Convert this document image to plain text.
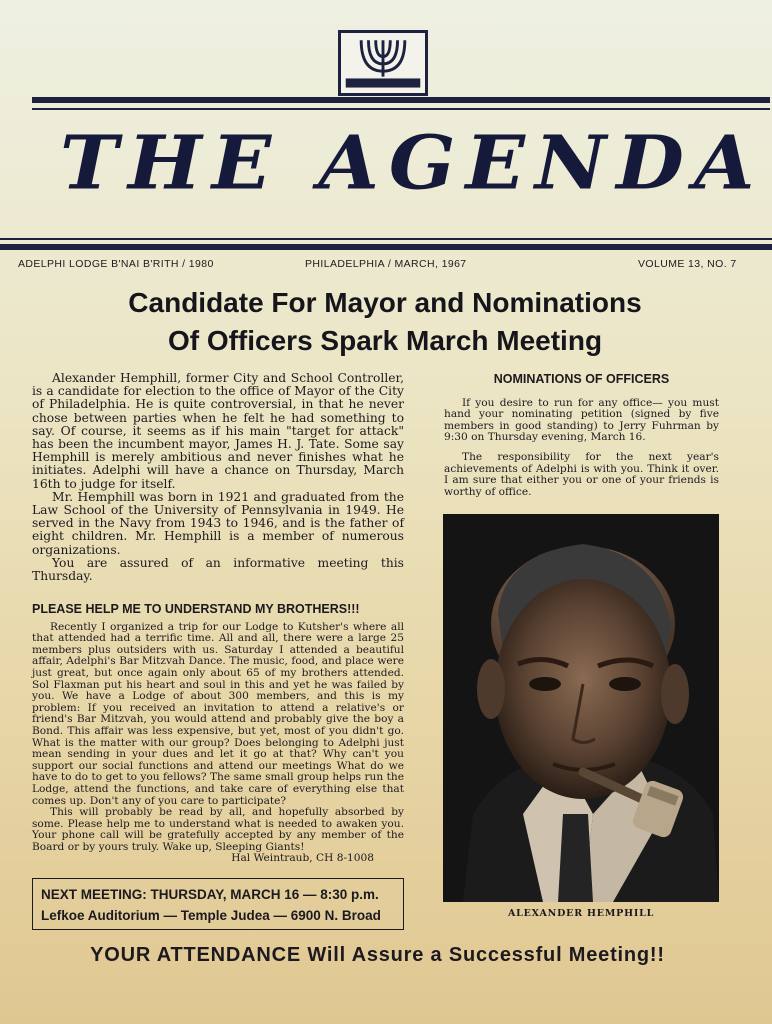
THE AGENDA
ADELPHI LODGE B'NAI B'RITH / 1980	PHILADELPHIA / MARCH, 1967	VOLUME 13, NO. 7
Candidate For Mayor and Nominations
Of Officers Spark March Meeting

Alexander Hemphill, former City and School Controller, is a candidate for election to the office of Mayor of the City of Philadelphia. He is quite controversial, in that he never chose between parties when he felt he had something to say. Of course, it seems as if his main "target for attack" has been the incumbent mayor, James H. J. Tate. Some say Hemphill is merely ambitious and never finishes what he initiates. Adelphi will have a chance on Thursday, March 16th to judge for itself.

Mr. Hemphill was born in 1921 and graduated from the Law School of the University of Pennsylvania in 1949. He served in the Navy from 1943 to 1946, and is the father of eight children. Mr. Hemphill is a member of numerous organizations.

You are assured of an informative meeting this Thursday.

PLEASE HELP ME TO UNDERSTAND MY BROTHERS!!!

Recently I organized a trip for our Lodge to Kutsher's where all that attended had a terrific time. All and all, there were a large 25 members plus outsiders with us. Saturday I attended a beautiful affair, Adelphi's Bar Mitzvah Dance. The music, food, and place were just great, but once again only about 65 of my brothers attended. Sol Flaxman put his heart and soul in this and yet he was failed by you. We have a Lodge of about 300 members, and this is my problem: If you received an invitation to attend a relative's or friend's Bar Mitzvah, you would attend and probably give the boy a Bond. This affair was less expensive, but yet, most of you didn't go. What is the matter with our group? Does belonging to Adelphi just mean sending in your dues and let it go at that? Why can't you support our social functions and attend our meetings What do we have to do to get to you fellows? The same small group helps run the Lodge, attend the functions, and take care of everything else that comes up. Don't any of you care to participate?

This will probably be read by all, and hopefully absorbed by some. Please help me to understand what is needed to awaken you. Your phone call will be gratefully accepted by any member of the Board or by yours truly. Wake up, Sleeping Giants!

Hal Weintraub, CH 8-1008
NEXT MEETING: THURSDAY, MARCH 16 — 8:30 p.m.
Lefkoe Auditorium — Temple Judea — 6900 N. Broad
NOMINATIONS OF OFFICERS

If you desire to run for any office— you must hand your nominating petition (signed by five members in good standing) to Jerry Fuhrman by 9:30 on Thursday evening, March 16.

The responsibility for the next year's achievements of Adelphi is with you. Think it over. I am sure that either you or one of your friends is worthy of office.

ALEXANDER HEMPHILL
YOUR ATTENDANCE Will Assure a Successful Meeting!!
